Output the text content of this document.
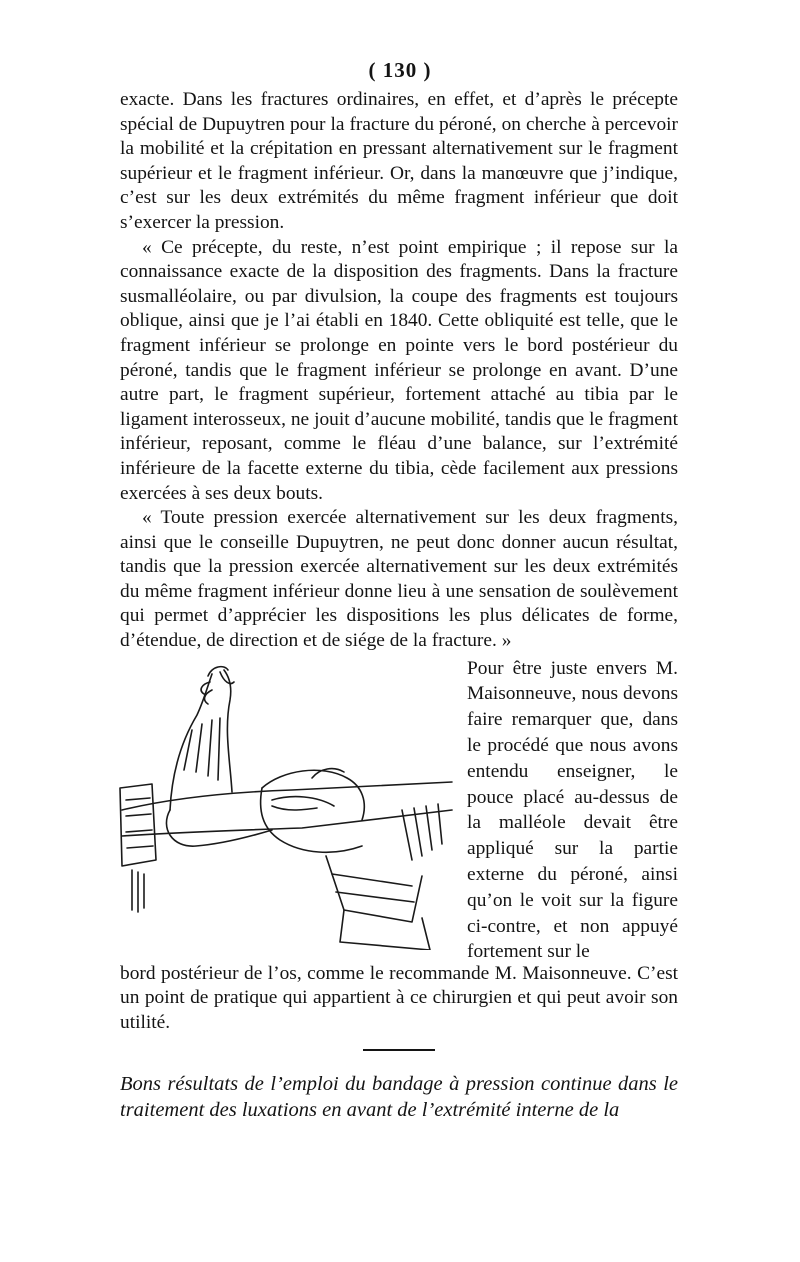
( 130 )

exacte. Dans les fractures ordinaires, en effet, et d’après le précepte spécial de Dupuytren pour la fracture du péroné, on cherche à percevoir la mobilité et la crépitation en pressant alternativement sur le fragment supérieur et le fragment inférieur. Or, dans la manœuvre que j’indique, c’est sur les deux extrémités du même fragment inférieur que doit s’exercer la pression.

« Ce précepte, du reste, n’est point empirique ; il repose sur la connaissance exacte de la disposition des fragments. Dans la fracture susmalléolaire, ou par divulsion, la coupe des fragments est toujours oblique, ainsi que je l’ai établi en 1840. Cette obliquité est telle, que le fragment inférieur se prolonge en pointe vers le bord postérieur du péroné, tandis que le fragment inférieur se prolonge en avant. D’une autre part, le fragment supérieur, fortement attaché au tibia par le ligament interosseux, ne jouit d’aucune mobilité, tandis que le fragment inférieur, reposant, comme le fléau d’une balance, sur l’extrémité inférieure de la facette externe du tibia, cède facilement aux pressions exercées à ses deux bouts.

« Toute pression exercée alternativement sur les deux fragments, ainsi que le conseille Dupuytren, ne peut donc donner aucun résultat, tandis que la pression exercée alternativement sur les deux extrémités du même fragment inférieur donne lieu à une sensation de soulèvement qui permet d’apprécier les dispositions les plus délicates de forme, d’étendue, de direction et de siége de la fracture. »

Pour être juste envers M. Maisonneuve, nous devons faire remarquer que, dans le procédé que nous avons entendu enseigner, le pouce placé au-dessus de la malléole devait être appliqué sur la partie externe du péroné, ainsi qu’on le voit sur la figure ci-contre, et non appuyé fortement sur le

bord postérieur de l’os, comme le recommande M. Maisonneuve. C’est un point de pratique qui appartient à ce chirurgien et qui peut avoir son utilité.

Bons résultats de l’emploi du bandage à pression continue dans le traitement des luxations en avant de l’extrémité interne de la
